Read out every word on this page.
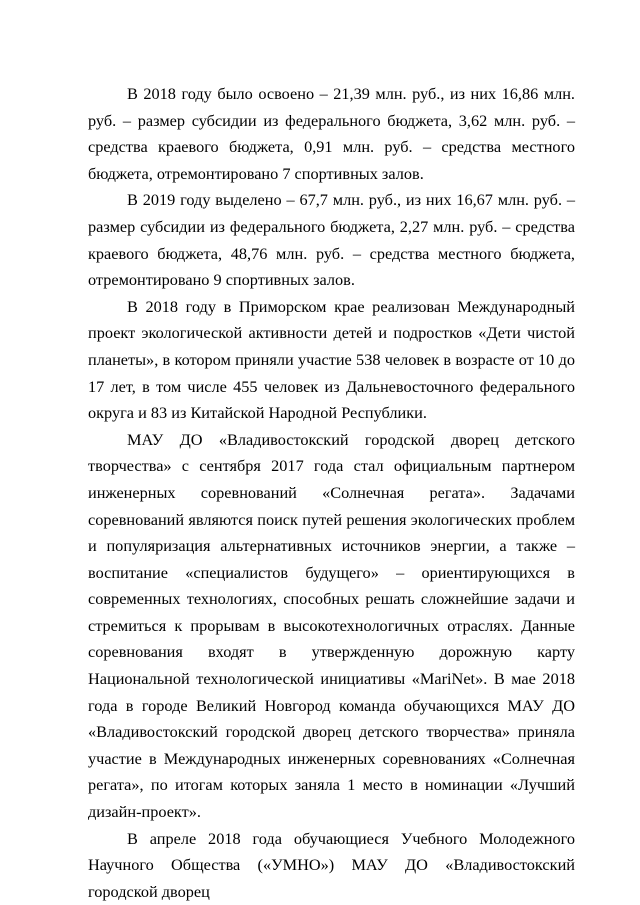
В 2018 году было освоено – 21,39 млн. руб., из них 16,86 млн. руб. – размер субсидии из федерального бюджета, 3,62 млн. руб. – средства краевого бюджета, 0,91 млн. руб. – средства местного бюджета, отремонтировано 7 спортивных залов.

В 2019 году выделено – 67,7 млн. руб., из них 16,67 млн. руб. – размер субсидии из федерального бюджета, 2,27 млн. руб. – средства краевого бюджета, 48,76 млн. руб. – средства местного бюджета, отремонтировано 9 спортивных залов.

В 2018 году в Приморском крае реализован Международный проект экологической активности детей и подростков «Дети чистой планеты», в котором приняли участие 538 человек в возрасте от 10 до 17 лет, в том числе 455 человек из Дальневосточного федерального округа и 83 из Китайской Народной Республики.

МАУ ДО «Владивостокский городской дворец детского творчества» с сентября 2017 года стал официальным партнером инженерных соревнований «Солнечная регата». Задачами соревнований являются поиск путей решения экологических проблем и популяризация альтернативных источников энергии, а также – воспитание «специалистов будущего» – ориентирующихся в современных технологиях, способных решать сложнейшие задачи и стремиться к прорывам в высокотехнологичных отраслях. Данные соревнования входят в утвержденную дорожную карту Национальной технологической инициативы «MariNet». В мае 2018 года в городе Великий Новгород команда обучающихся МАУ ДО «Владивостокский городской дворец детского творчества» приняла участие в Международных инженерных соревнованиях «Солнечная регата», по итогам которых заняла 1 место в номинации «Лучший дизайн-проект».

В апреле 2018 года обучающиеся Учебного Молодежного Научного Общества («УМНО») МАУ ДО «Владивостокский городской дворец
